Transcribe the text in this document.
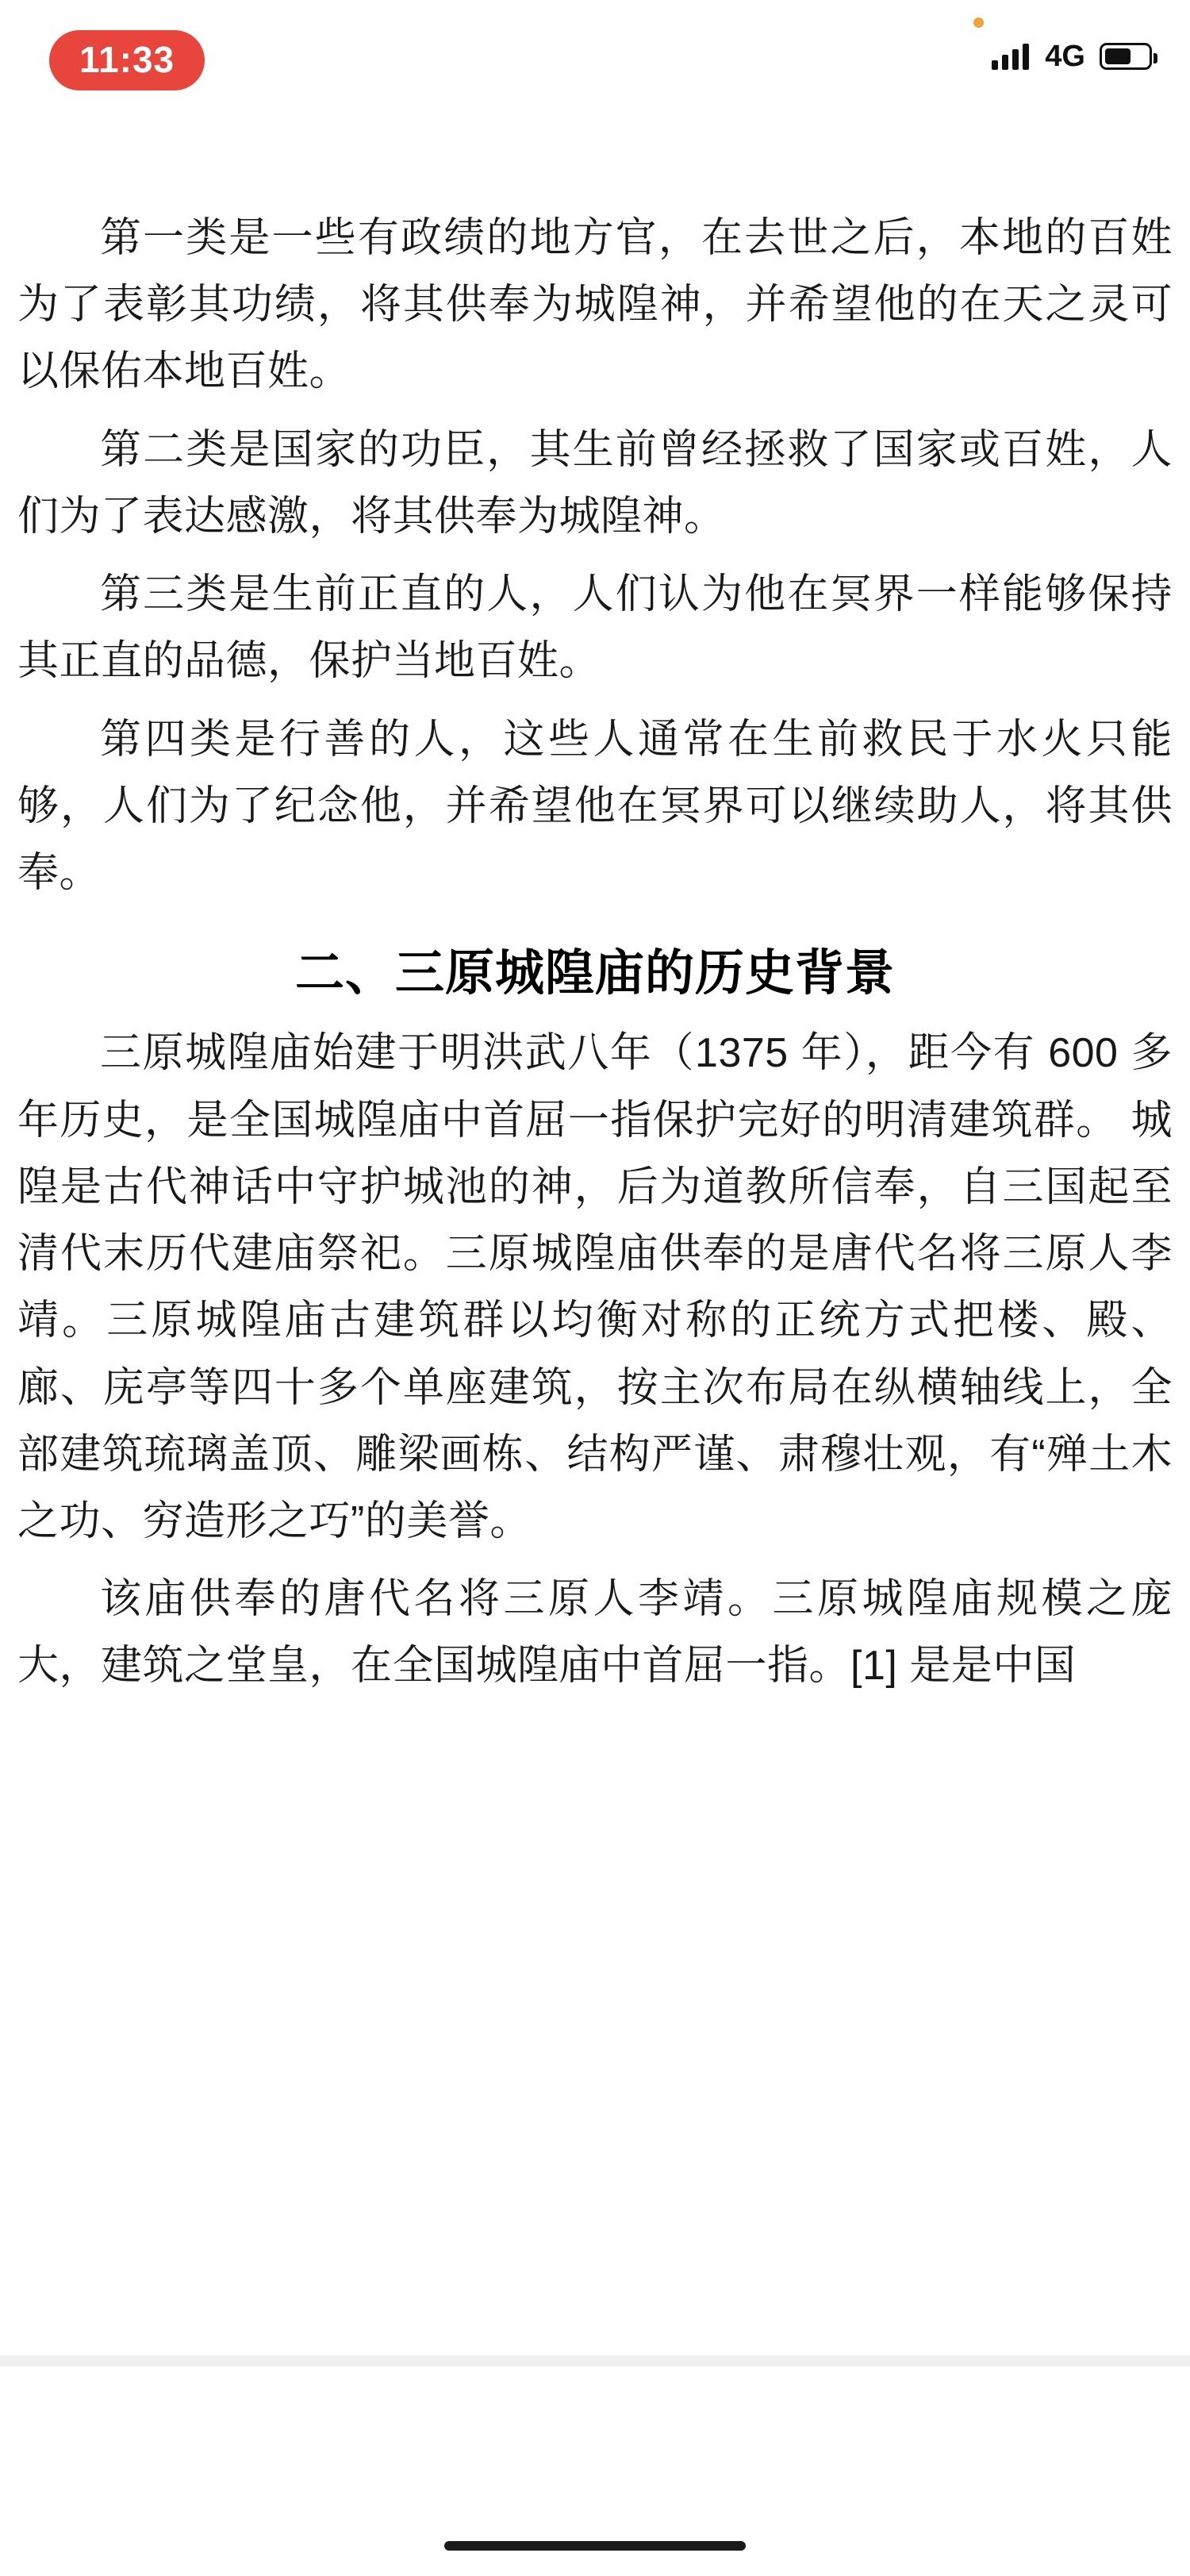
11:33	4G

第一类是一些有政绩的地方官，在去世之后，本地的百姓为了表彰其功绩，将其供奉为城隍神，并希望他的在天之灵可以保佑本地百姓。

第二类是国家的功臣，其生前曾经拯救了国家或百姓，人们为了表达感激，将其供奉为城隍神。

第三类是生前正直的人，人们认为他在冥界一样能够保持其正直的品德，保护当地百姓。

第四类是行善的人，这些人通常在生前救民于水火只能够，人们为了纪念他，并希望他在冥界可以继续助人，将其供奉。

二、三原城隍庙的历史背景

三原城隍庙始建于明洪武八年（1375 年），距今有 600 多年历史，是全国城隍庙中首屈一指保护完好的明清建筑群。 城隍是古代神话中守护城池的神，后为道教所信奉，自三国起至清代末历代建庙祭祀。三原城隍庙供奉的是唐代名将三原人李靖。三原城隍庙古建筑群以均衡对称的正统方式把楼、殿、廊、庑亭等四十多个单座建筑，按主次布局在纵横轴线上，全部建筑琉璃盖顶、雕梁画栋、结构严谨、肃穆壮观，有“殚土木之功、穷造形之巧”的美誉。

该庙供奉的唐代名将三原人李靖。三原城隍庙规模之庞大，建筑之堂皇，在全国城隍庙中首屈一指。[1] 是是中国
